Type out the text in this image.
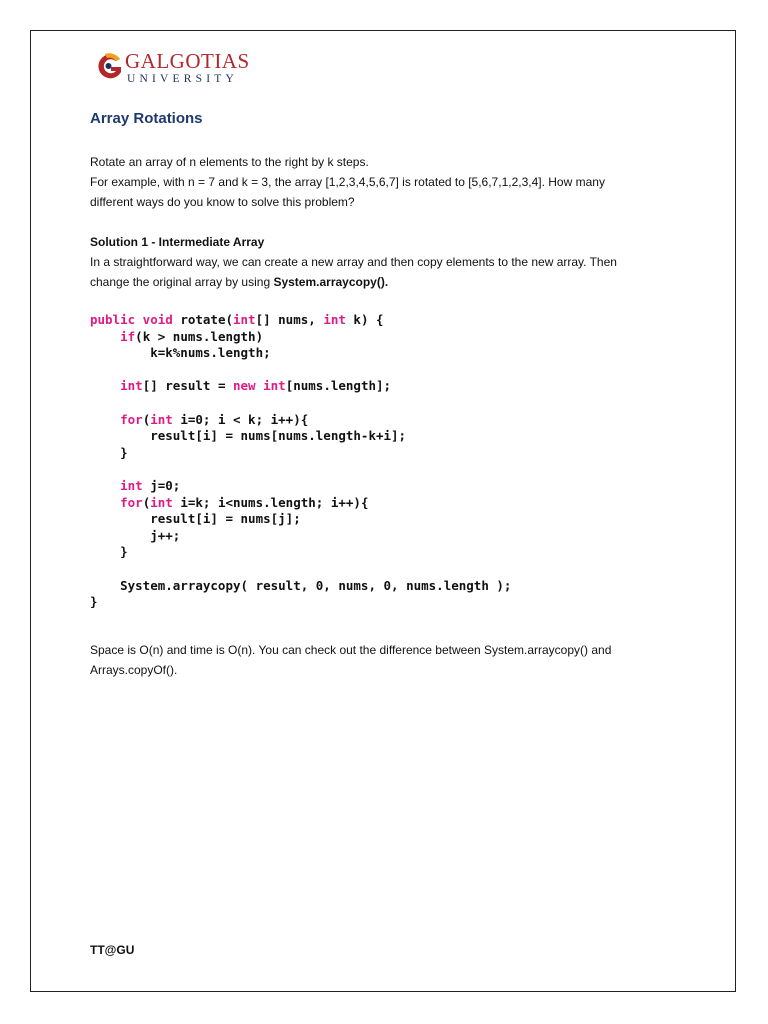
GALGOTIAS
UNIVERSITY
Array Rotations
Rotate an array of n elements to the right by k steps.
For example, with n = 7 and k = 3, the array [1,2,3,4,5,6,7] is rotated to [5,6,7,1,2,3,4]. How many
different ways do you know to solve this problem?
Solution 1 - Intermediate Array
In a straightforward way, we can create a new array and then copy elements to the new array. Then
change the original array by using System.arraycopy().
public void rotate(int[] nums, int k) {
if(k > nums.length)
k=k%nums.length;
int[] result = new int[nums.length];
for(int i=0; i < k; i++){
result[i] = nums[nums.length-k+i];
}
int j=0;
for(int i=k; i<nums.length; i++){
result[i] = nums[j];
j++;
}
System.arraycopy( result, 0, nums, 0, nums.length );
}
Space is O(n) and time is O(n). You can check out the difference between System.arraycopy() and
Arrays.copyOf().
TT@GU
